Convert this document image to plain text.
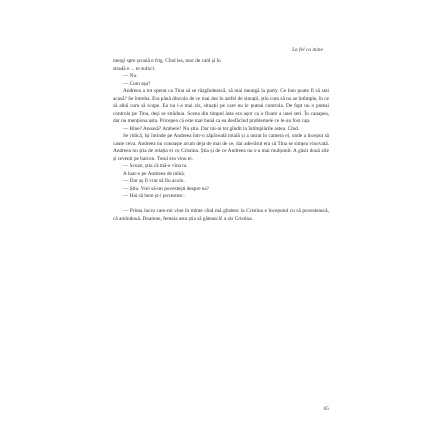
La fel ca mine

mergi spre școală e frig. Cînd ies, mor de cald și în

stradă e ... te sufoci.

— Nu.

— Cum așa?

Andreea a tot sperat ca Tina să se răzgîndească, să mai meargă la party. Ce bun poate fi să stai acasă? Se întreba. Era până dincolo de ce mai des în astfel de situații, știu cum să nu se întîmple, în ce să aibă cum să scape. Ea nu i-a mai zis, situații pe care nu le puteai controla. De fapt nu o puteai controla pe Tina, deși se străduia. Scena din timpul ăsta era ușor ca o floare a unei seri. În canapea, dar nu menționa asta. Pricepea că este mai bună ca ea desfăcînd problemele ce le-au fost cap.

— Bine? Anoasă? Ambele? Nu știu. Dar mi-ai tot gîndit la întîmplările astea. Cînd.

Se ridică, își întinde pe Andreea într-o zăpăceală totală și a intrat în camera ei, unde a început să caute ceva. Andreea nu cunoaște acum deja de mai de ce, dar adevărul era că Tina se simțea vinovată. Andreea nu știa de relația ei cu Cristina. Știa și de ce Andreea nu s-a mai mulțumit. A găsit două zile și revenit pe balcon. Totul era vinu ei.

— Scuze, știu că mă-e vina ta.

A luat-o pe Andreea de mînă.

— Dar aș fi vrut să fiu acolo.

— Știu. Vrei să-mi povestești despre ea?

— Hai să bem și-i povestesc.

— Prima lucru care-mi vine în minte cînd mă gîndesc la Cristina e începutul cu să povestească, că amîndouă. Doamne, femeia asta știa să gătească! a zis Cristina.

65
